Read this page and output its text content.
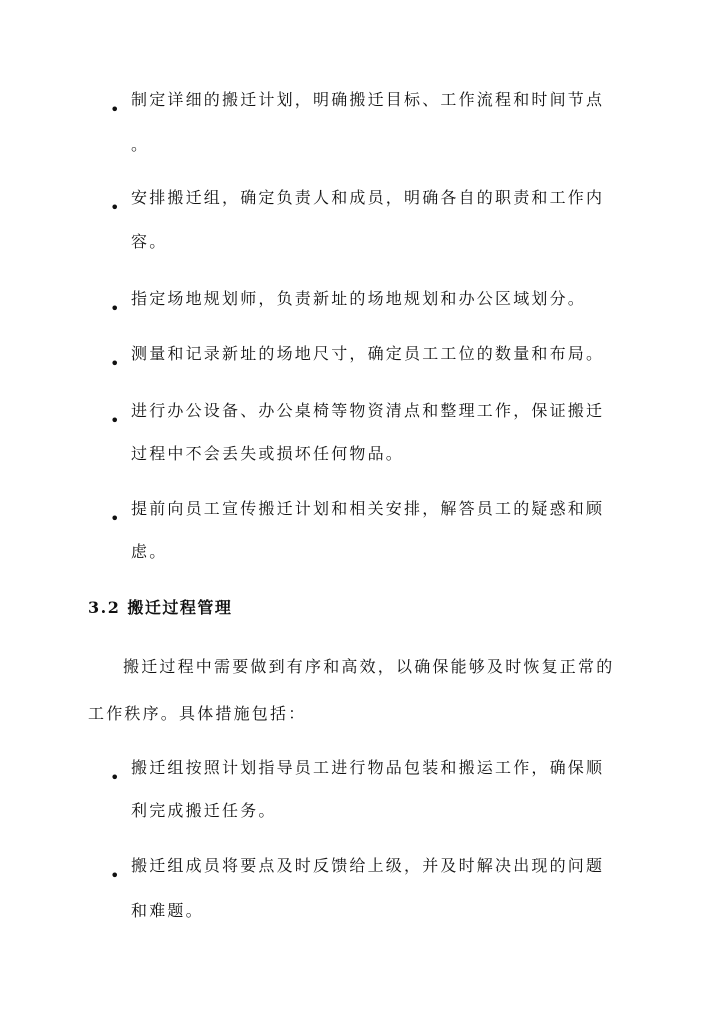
•
制定详细的搬迁计划，明确搬迁目标、工作流程和时间节点
。
•
安排搬迁组，确定负责人和成员，明确各自的职责和工作内
容。
•
指定场地规划师，负责新址的场地规划和办公区域划分。
•
测量和记录新址的场地尺寸，确定员工工位的数量和布局。
•
进行办公设备、办公桌椅等物资清点和整理工作，保证搬迁
过程中不会丢失或损坏任何物品。
•
提前向员工宣传搬迁计划和相关安排，解答员工的疑惑和顾
虑。
3.2 搬迁过程管理
搬迁过程中需要做到有序和高效，以确保能够及时恢复正常的
工作秩序。具体措施包括：
•
搬迁组按照计划指导员工进行物品包装和搬运工作，确保顺
利完成搬迁任务。
•
搬迁组成员将要点及时反馈给上级，并及时解决出现的问题
和难题。
